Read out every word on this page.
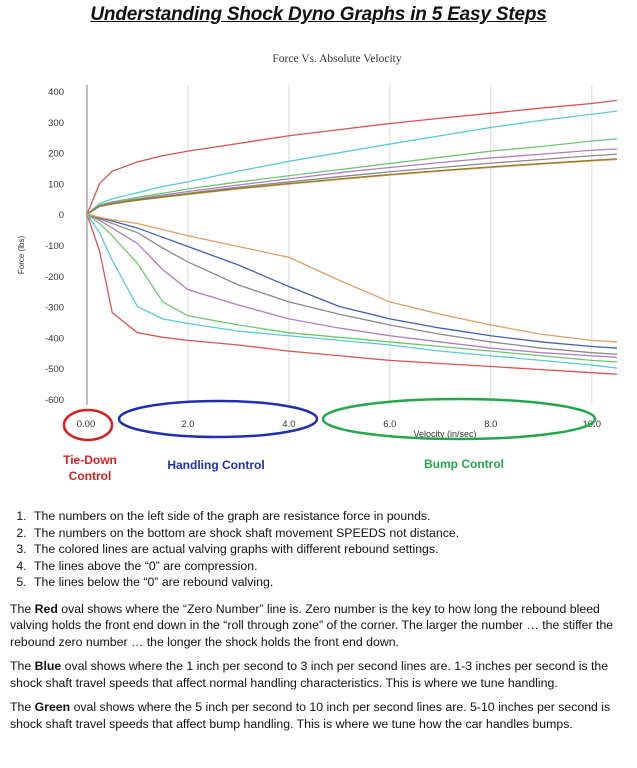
Understanding Shock Dyno Graphs in 5 Easy Steps
400
300
200
100
0
-100
-200
-300
-400
-500
-600
0.00	2.0	4.0	6.0	8.0	10.0
Force Vs. Absolute Velocity
Velocity (in/sec)
Force (lbs)
Tie-Down
Control
Handling Control	Bump Control
1. The numbers on the left side of the graph are resistance force in pounds.
2. The numbers on the bottom are shock shaft movement SPEEDS not distance.
3. The colored lines are actual valving graphs with different rebound settings.
4. The lines above the “0” are compression.
5. The lines below the “0” are rebound valving.

The Red oval shows where the “Zero Number” line is. Zero number is the key to how long the rebound bleed valving holds the front end down in the “roll through zone” of the corner. The larger the number … the stiffer the rebound zero number … the longer the shock holds the front end down.

The Blue oval shows where the 1 inch per second to 3 inch per second lines are. 1-3 inches per second is the shock shaft travel speeds that affect normal handling characteristics. This is where we tune handling.

The Green oval shows where the 5 inch per second to 10 inch per second lines are. 5-10 inches per second is shock shaft travel speeds that affect bump handling. This is where we tune how the car handles bumps.
